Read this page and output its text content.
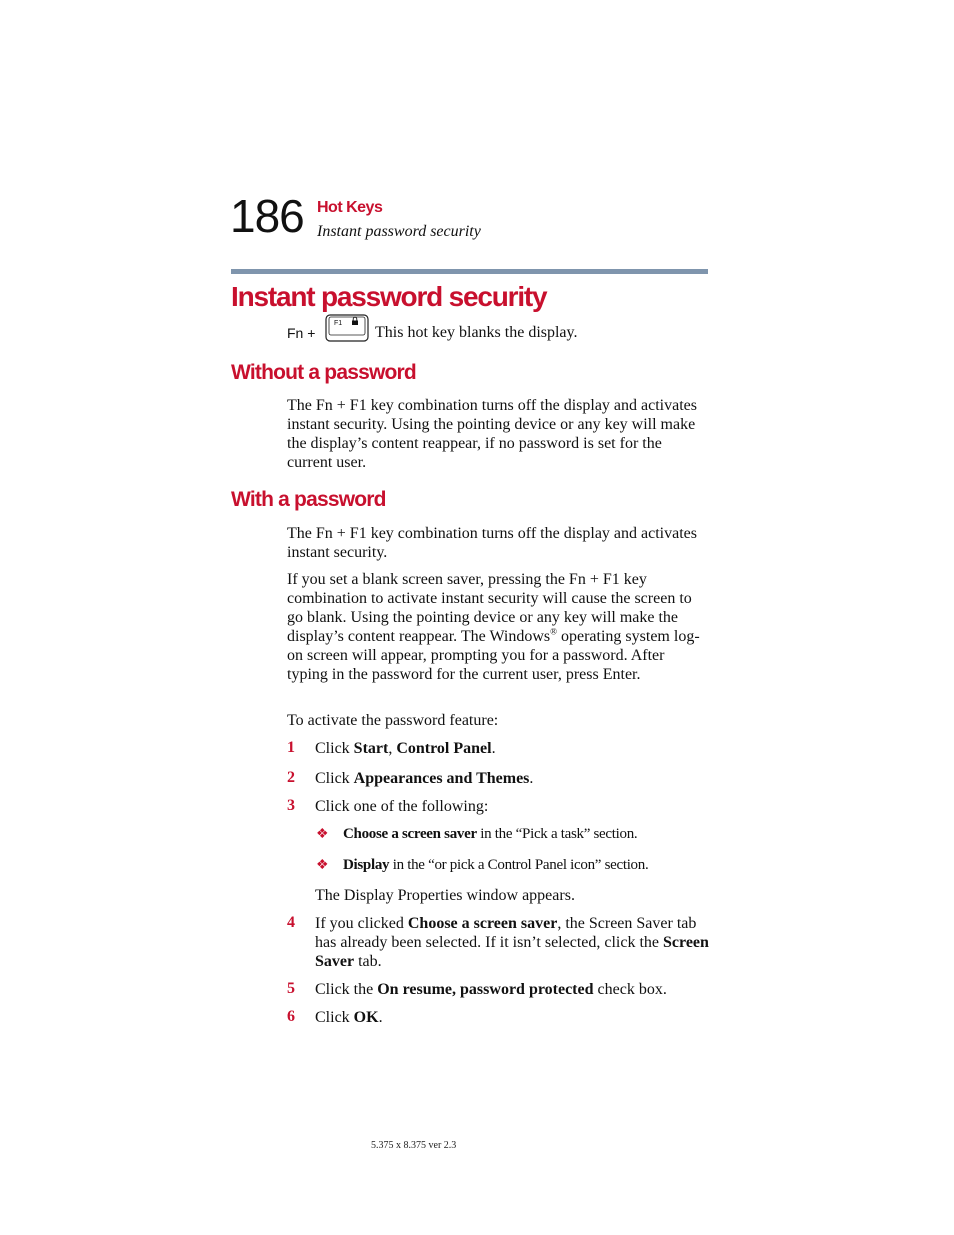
186 Hot Keys
Instant password security
Instant password security
Fn +
F1
This hot key blanks the display.
Without a password
The Fn + F1 key combination turns off the display and activates instant security. Using the pointing device or any key will make the display’s content reappear, if no password is set for the current user.
With a password
The Fn + F1 key combination turns off the display and activates instant security.
If you set a blank screen saver, pressing the Fn + F1 key combination to activate instant security will cause the screen to go blank. Using the pointing device or any key will make the display’s content reappear. The Windows® operating system log-on screen will appear, prompting you for a password. After typing in the password for the current user, press Enter.
To activate the password feature:
1 Click Start, Control Panel.
2 Click Appearances and Themes.
3 Click one of the following:
❖ Choose a screen saver in the “Pick a task” section.
❖ Display in the “or pick a Control Panel icon” section.
The Display Properties window appears.
4 If you clicked Choose a screen saver, the Screen Saver tab has already been selected. If it isn’t selected, click the Screen Saver tab.
5 Click the On resume, password protected check box.
6 Click OK.
5.375 x 8.375 ver 2.3
